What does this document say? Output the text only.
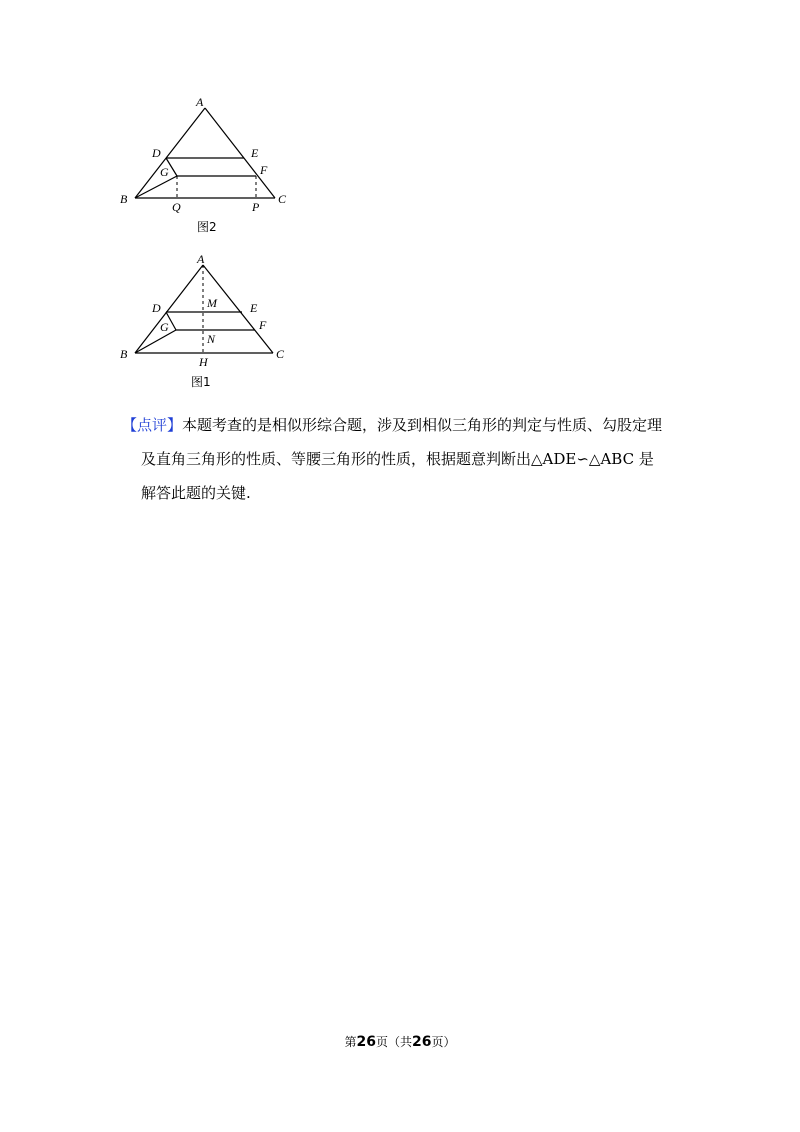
A
D	E
G	F
B	C
Q	P
图2
A
D	M	E
G	F
N
B	C
H
图1
【点评】本题考查的是相似形综合题，涉及到相似三角形的判定与性质、勾股定理
及直角三角形的性质、等腰三角形的性质，根据题意判断出△ADE∽△ABC 是
解答此题的关键.
第26页（共26页）
